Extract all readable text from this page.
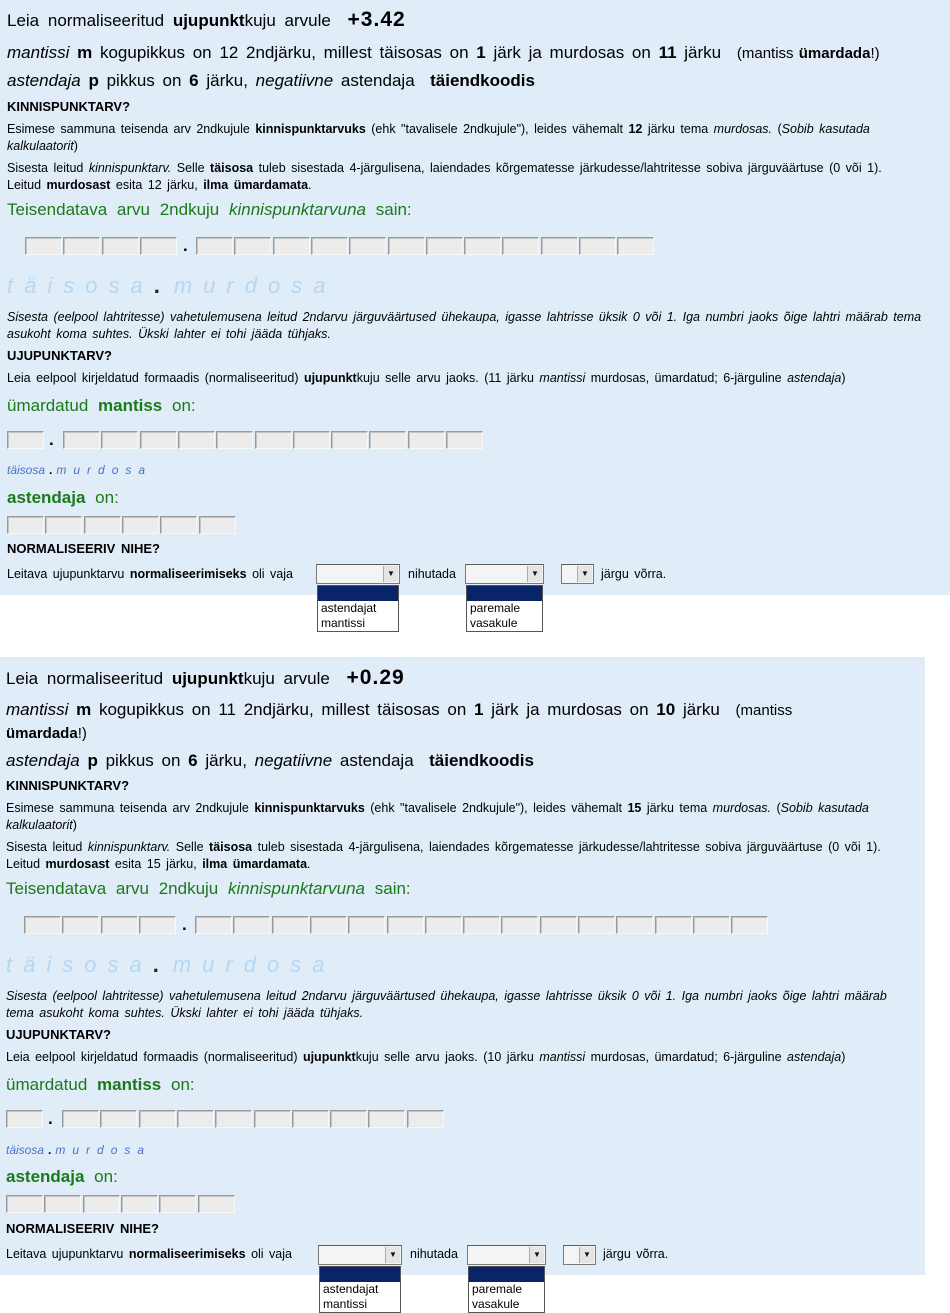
Leia normaliseeritud ujupunktkuju arvule +3.42
mantissi m kogupikkus on 12 2ndjärku, millest täisosas on 1 järk ja murdosas on 11 järku (mantiss ümardada!)
astendaja p pikkus on 6 järku, negatiivne astendaja täiendkoodis
KINNISPUNKTARV?
Esimese sammuna teisenda arv 2ndkujule kinnispunktarvuks (ehk "tavalisele 2ndkujule"), leides vähemalt 12 järku tema murdosas. (Sobib kasutada kalkulaatorit)
Sisesta leitud kinnispunktarv. Selle täisosa tuleb sisestada 4-järgulisena, laiendades kõrgematesse järkudesse/lahtritesse sobiva järguväärtuse (0 või 1).
Leitud murdosast esita 12 järku, ilma ümardamata.
Teisendatava arvu 2ndkuju kinnispunktarvuna sain:
.
täisosa. murdosa
Sisesta (eelpool lahtritesse) vahetulemusena leitud 2ndarvu järguväärtused ühekaupa, igasse lahtrisse üksik 0 või 1. Iga numbri jaoks õige lahtri määrab tema asukoht koma suhtes. Ükski lahter ei tohi jääda tühjaks.
UJUPUNKTARV?
Leia eelpool kirjeldatud formaadis (normaliseeritud) ujupunktkuju selle arvu jaoks. (11 järku mantissi murdosas, ümardatud; 6-järguline astendaja)
ümardatud mantiss on:
.
täisosa . murdosa
astendaja on:
NORMALISEERIV NIHE?
Leitava ujupunktarvu normaliseerimiseks oli vaja	▼
astendajat
mantissi
nihutada	▼
paremale
vasakule
▼ järgu võrra.
Leia normaliseeritud ujupunktkuju arvule +0.29
mantissi m kogupikkus on 11 2ndjärku, millest täisosas on 1 järk ja murdosas on 10 järku (mantiss
ümardada!)
astendaja p pikkus on 6 järku, negatiivne astendaja täiendkoodis
KINNISPUNKTARV?
Esimese sammuna teisenda arv 2ndkujule kinnispunktarvuks (ehk "tavalisele 2ndkujule"), leides vähemalt 15 järku tema murdosas. (Sobib kasutada kalkulaatorit)
Sisesta leitud kinnispunktarv. Selle täisosa tuleb sisestada 4-järgulisena, laiendades kõrgematesse järkudesse/lahtritesse sobiva järguväärtuse (0 või 1).
Leitud murdosast esita 15 järku, ilma ümardamata.
Teisendatava arvu 2ndkuju kinnispunktarvuna sain:
.
täisosa. murdosa
Sisesta (eelpool lahtritesse) vahetulemusena leitud 2ndarvu järguväärtused ühekaupa, igasse lahtrisse üksik 0 või 1. Iga numbri jaoks õige lahtri määrab tema asukoht koma suhtes. Ükski lahter ei tohi jääda tühjaks.
UJUPUNKTARV?
Leia eelpool kirjeldatud formaadis (normaliseeritud) ujupunktkuju selle arvu jaoks. (10 järku mantissi murdosas, ümardatud; 6-järguline astendaja)
ümardatud mantiss on:
.
täisosa . murdosa
astendaja on:
NORMALISEERIV NIHE?
Leitava ujupunktarvu normaliseerimiseks oli vaja	▼ nihutada	▼	▼ järgu võrra.
astendajat
mantissi
paremale
vasakule
